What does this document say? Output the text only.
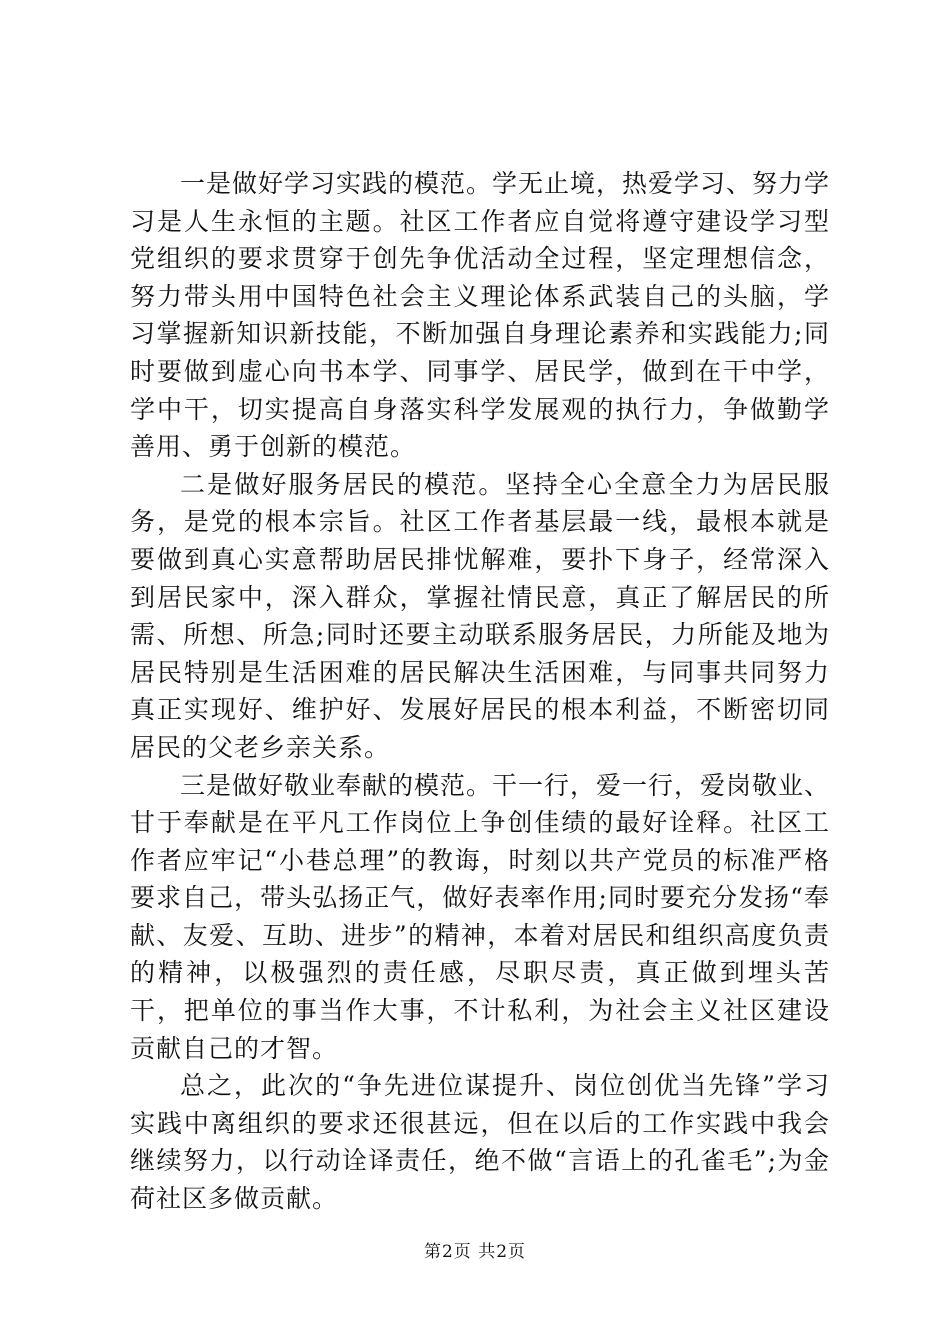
一是做好学习实践的模范。学无止境，热爱学习、努力学习是人生永恒的主题。社区工作者应自觉将遵守建设学习型党组织的要求贯穿于创先争优活动全过程，坚定理想信念，努力带头用中国特色社会主义理论体系武装自己的头脑，学习掌握新知识新技能，不断加强自身理论素养和实践能力;同时要做到虚心向书本学、同事学、居民学，做到在干中学，学中干，切实提高自身落实科学发展观的执行力，争做勤学善用、勇于创新的模范。

二是做好服务居民的模范。坚持全心全意全力为居民服务，是党的根本宗旨。社区工作者基层最一线，最根本就是要做到真心实意帮助居民排忧解难，要扑下身子，经常深入到居民家中，深入群众，掌握社情民意，真正了解居民的所需、所想、所急;同时还要主动联系服务居民，力所能及地为居民特别是生活困难的居民解决生活困难，与同事共同努力真正实现好、维护好、发展好居民的根本利益，不断密切同居民的父老乡亲关系。

三是做好敬业奉献的模范。干一行，爱一行，爱岗敬业、甘于奉献是在平凡工作岗位上争创佳绩的最好诠释。社区工作者应牢记“小巷总理”的教诲，时刻以共产党员的标准严格要求自己，带头弘扬正气，做好表率作用;同时要充分发扬“奉献、友爱、互助、进步”的精神，本着对居民和组织高度负责的精神，以极强烈的责任感，尽职尽责，真正做到埋头苦干，把单位的事当作大事，不计私利，为社会主义社区建设贡献自己的才智。

总之，此次的“争先进位谋提升、岗位创优当先锋”学习实践中离组织的要求还很甚远，但在以后的工作实践中我会继续努力，以行动诠译责任，绝不做“言语上的孔雀毛”;为金荷社区多做贡献。

第2页 共2页
